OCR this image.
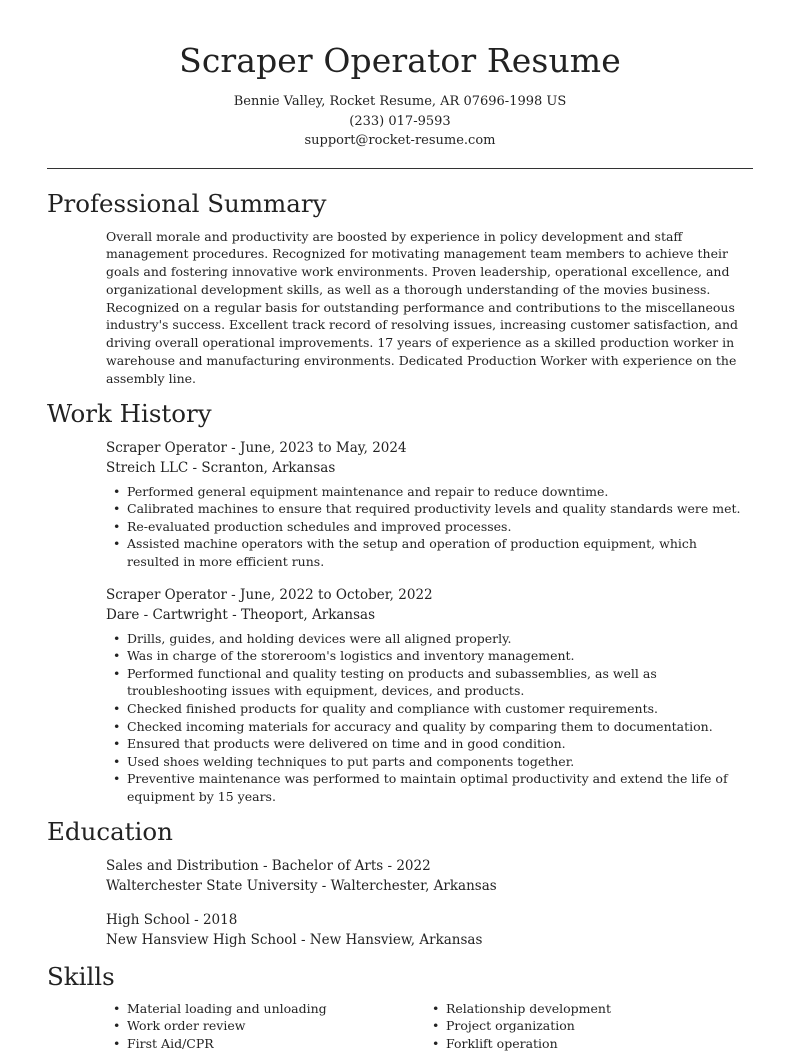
Scraper Operator Resume
Bennie Valley, Rocket Resume, AR 07696-1998 US
(233) 017-9593
support@rocket-resume.com
Professional Summary

Overall morale and productivity are boosted by experience in policy development and staff management procedures. Recognized for motivating management team members to achieve their goals and fostering innovative work environments. Proven leadership, operational excellence, and organizational development skills, as well as a thorough understanding of the movies business. Recognized on a regular basis for outstanding performance and contributions to the miscellaneous industry's success. Excellent track record of resolving issues, increasing customer satisfaction, and driving overall operational improvements. 17 years of experience as a skilled production worker in warehouse and manufacturing environments. Dedicated Production Worker with experience on the assembly line.

Work History
Scraper Operator - June, 2023 to May, 2024
Streich LLC - Scranton, Arkansas
• Performed general equipment maintenance and repair to reduce downtime.
• Calibrated machines to ensure that required productivity levels and quality standards were met.
• Re-evaluated production schedules and improved processes.
• Assisted machine operators with the setup and operation of production equipment, which resulted in more efficient runs.
Scraper Operator - June, 2022 to October, 2022
Dare - Cartwright - Theoport, Arkansas
• Drills, guides, and holding devices were all aligned properly.
• Was in charge of the storeroom's logistics and inventory management.
• Performed functional and quality testing on products and subassemblies, as well as troubleshooting issues with equipment, devices, and products.
• Checked finished products for quality and compliance with customer requirements.
• Checked incoming materials for accuracy and quality by comparing them to documentation.
• Ensured that products were delivered on time and in good condition.
• Used shoes welding techniques to put parts and components together.
• Preventive maintenance was performed to maintain optimal productivity and extend the life of equipment by 15 years.
Education
Sales and Distribution - Bachelor of Arts - 2022
Walterchester State University - Walterchester, Arkansas
High School - 2018
New Hansview High School - New Hansview, Arkansas
Skills
• Material loading and unloading
• Work order review
• First Aid/CPR
• Relationship development
• Project organization
• Forklift operation
